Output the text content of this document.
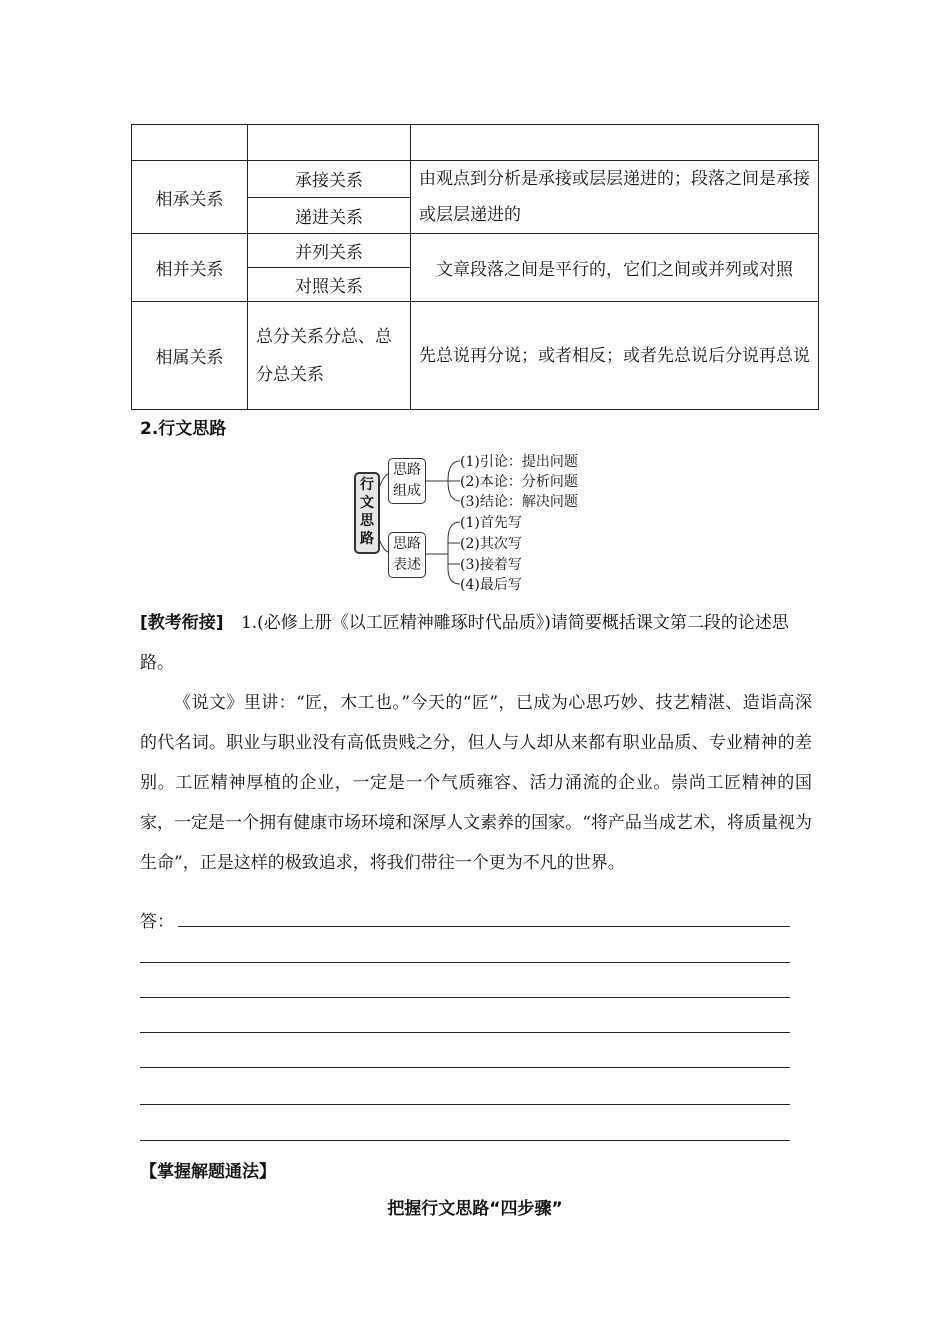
相承关系	承接关系	由观点到分析是承接或层层递进的；段落之间是承接或层层递进的
	递进关系	
相并关系	并列关系	文章段落之间是平行的，它们之间或并列或对照
	对照关系	
相属关系	总分关系分总、总分总关系	先总说再分说；或者相反；或者先总说后分说再总说
2.行文思路
行文思路
思路组成
思路表述
(1)引论：提出问题
(2)本论：分析问题
(3)结论：解决问题
(1)首先写
(2)其次写
(3)接着写
(4)最后写
[教考衔接] 1.(必修上册《以工匠精神雕琢时代品质》)请简要概括课文第二段的论述思路。
《说文》里讲：“匠，木工也。”今天的“匠”，已成为心思巧妙、技艺精湛、造诣高深的代名词。职业与职业没有高低贵贱之分，但人与人却从来都有职业品质、专业精神的差别。工匠精神厚植的企业，一定是一个气质雍容、活力涌流的企业。崇尚工匠精神的国家，一定是一个拥有健康市场环境和深厚人文素养的国家。“将产品当成艺术，将质量视为生命”，正是这样的极致追求，将我们带往一个更为不凡的世界。
答：
【掌握解题通法】
把握行文思路“四步骤”
